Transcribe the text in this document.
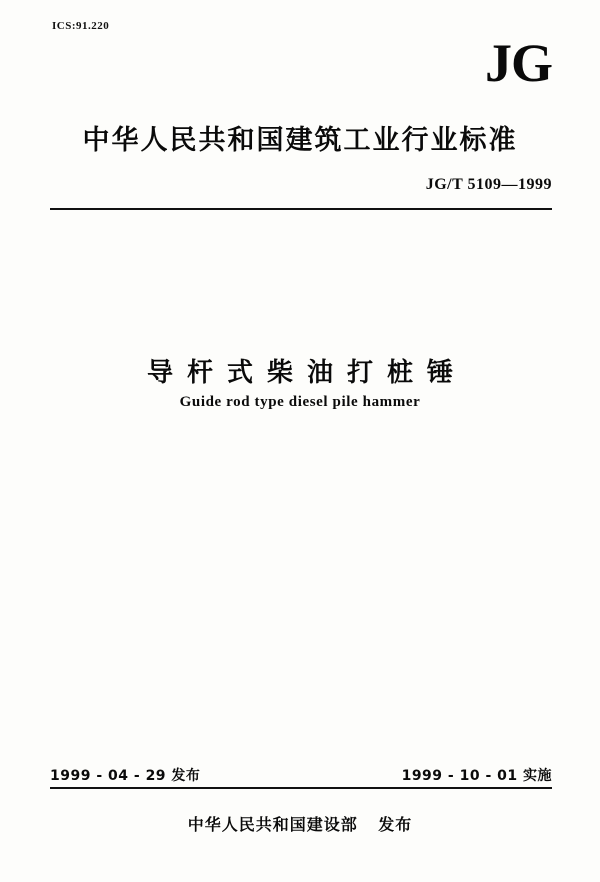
ICS:91.220
JG
中华人民共和国建筑工业行业标准
JG/T 5109—1999
导杆式柴油打桩锤
Guide rod type diesel pile hammer
1999 - 04 - 29 发布	1999 - 10 - 01 实施
中华人民共和国建设部 发布
